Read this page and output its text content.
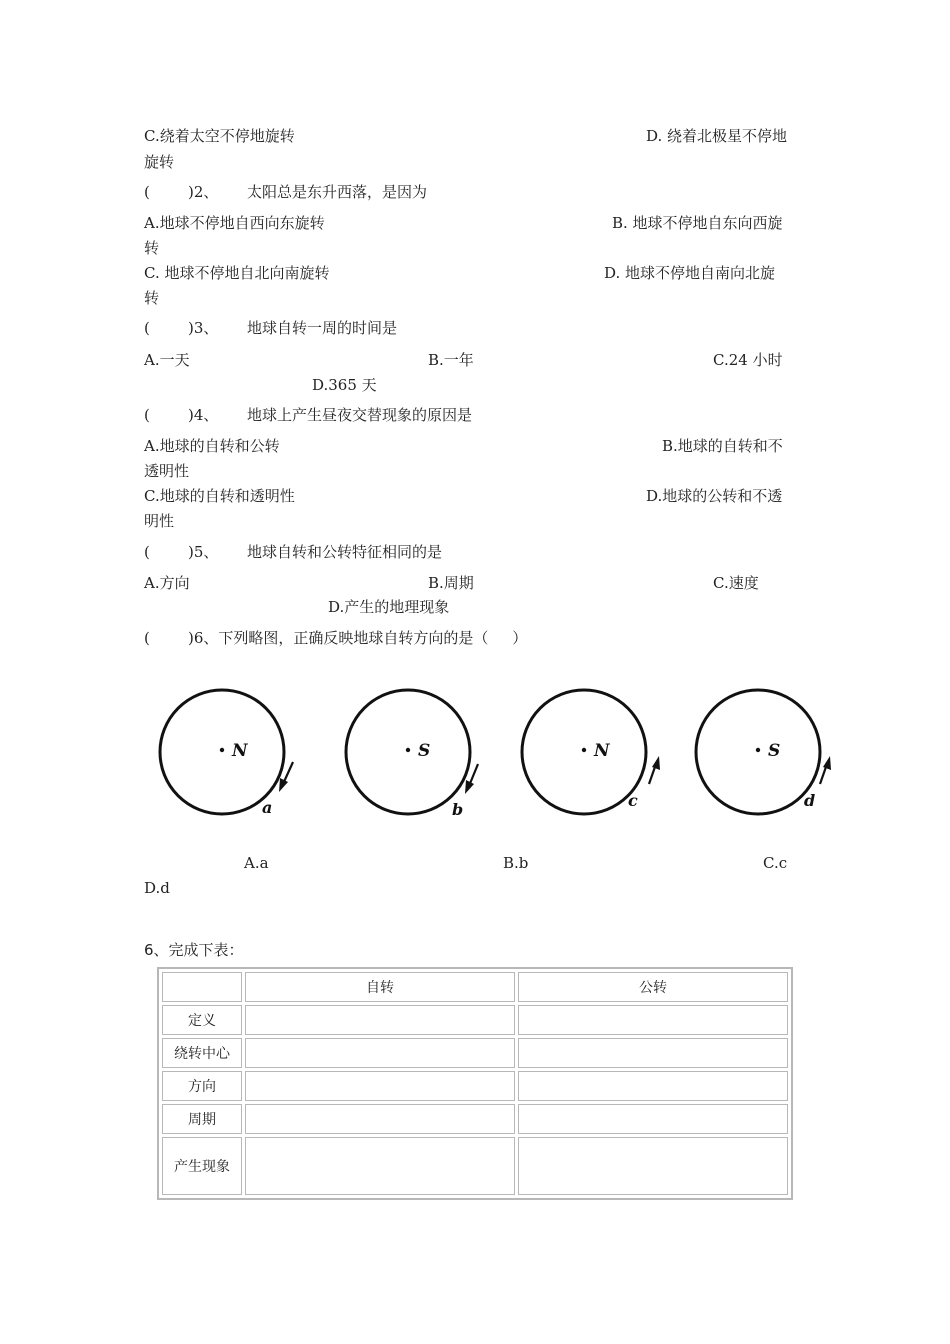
C.绕着太空不停地旋转	D. 绕着北极星不停地
旋转
(        )2、      太阳总是东升西落，是因为
A.地球不停地自西向东旋转	B. 地球不停地自东向西旋
转
C. 地球不停地自北向南旋转	D. 地球不停地自南向北旋
转
(        )3、      地球自转一周的时间是
A.一天	B.一年	C.24 小时
D.365 天
(        )4、      地球上产生昼夜交替现象的原因是
A.地球的自转和公转	B.地球的自转和不
透明性
C.地球的自转和透明性	D.地球的公转和不透
明性
(        )5、      地球自转和公转特征相同的是
A.方向	B.周期	C.速度
D.产生的地理现象
(        )6、下列略图，正确反映地球自转方向的是（     ）
N
a
S
b
N
c
S
d
A.a	B.b	C.c
D.d
6、完成下表：
	自转	公转
定义		
绕转中心		
方向		
周期		
产生现象		
